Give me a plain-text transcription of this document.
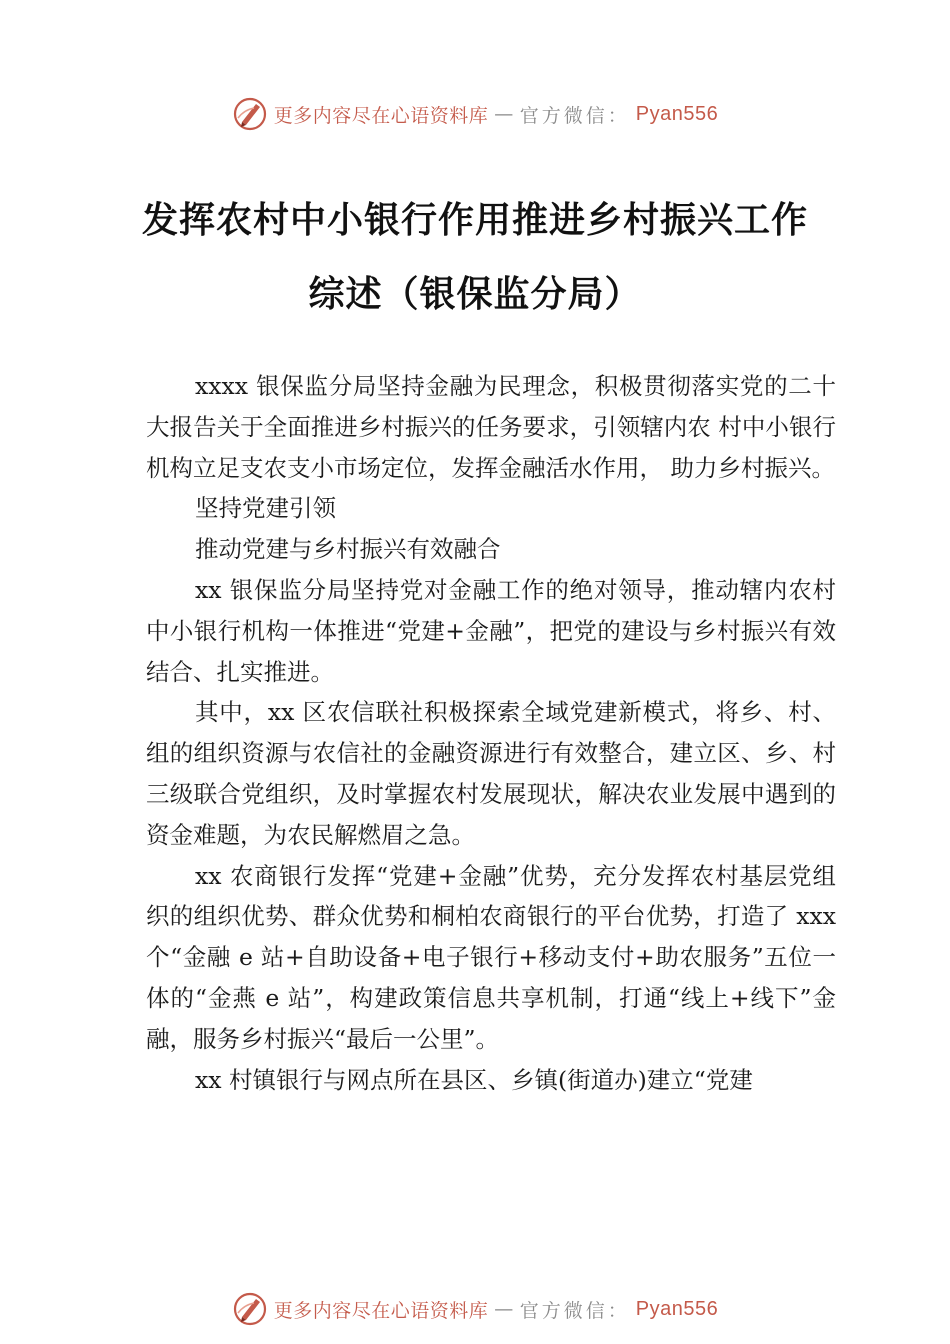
更多内容尽在心语资料库 — 官方微信： Pyan556
发挥农村中小银行作用推进乡村振兴工作
综述（银保监分局）

xxxx 银保监分局坚持金融为民理念，积极贯彻落实党的二十大报告关于全面推进乡村振兴的任务要求，引领辖内农 村中小银行机构立足支农支小市场定位，发挥金融活水作用， 助力乡村振兴。

坚持党建引领

推动党建与乡村振兴有效融合

xx 银保监分局坚持党对金融工作的绝对领导，推动辖内农村中小银行机构一体推进“党建+金融”，把党的建设与乡村振兴有效结合、扎实推进。

其中，xx 区农信联社积极探索全域党建新模式，将乡、村、组的组织资源与农信社的金融资源进行有效整合，建立区、乡、村三级联合党组织，及时掌握农村发展现状，解决农业发展中遇到的资金难题，为农民解燃眉之急。

xx 农商银行发挥“党建+金融”优势，充分发挥农村基层党组织的组织优势、群众优势和桐柏农商银行的平台优势，打造了 xxx 个“金融 e 站+自助设备+电子银行+移动支付+助农服务”五位一体的“金燕 e 站”，构建政策信息共享机制，打通“线上+线下”金融，服务乡村振兴“最后一公里”。

xx 村镇银行与网点所在县区、乡镇(街道办)建立“党建

更多内容尽在心语资料库 — 官方微信： Pyan556
